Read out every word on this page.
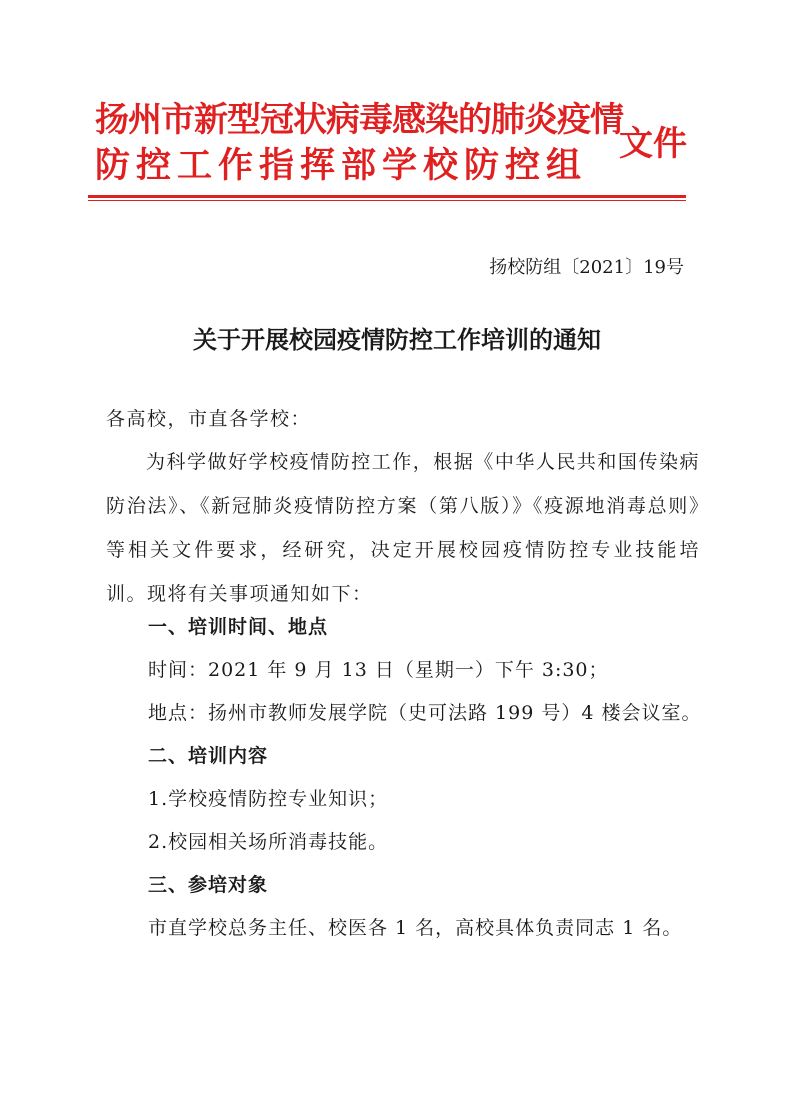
扬州市新型冠状病毒感染的肺炎疫情
防控工作指挥部学校防控组
文件
扬校防组〔2021〕19号
关于开展校园疫情防控工作培训的通知
各高校，市直各学校：
为科学做好学校疫情防控工作，根据《中华人民共和国传染病防治法》、《新冠肺炎疫情防控方案（第八版）》《疫源地消毒总则》等相关文件要求，经研究，决定开展校园疫情防控专业技能培训。现将有关事项通知如下：
一、培训时间、地点
时间：2021 年 9 月 13 日（星期一）下午 3:30；
地点：扬州市教师发展学院（史可法路 199 号）4 楼会议室。
二、培训内容
1.学校疫情防控专业知识；
2.校园相关场所消毒技能。
三、参培对象
市直学校总务主任、校医各 1 名，高校具体负责同志 1 名。
